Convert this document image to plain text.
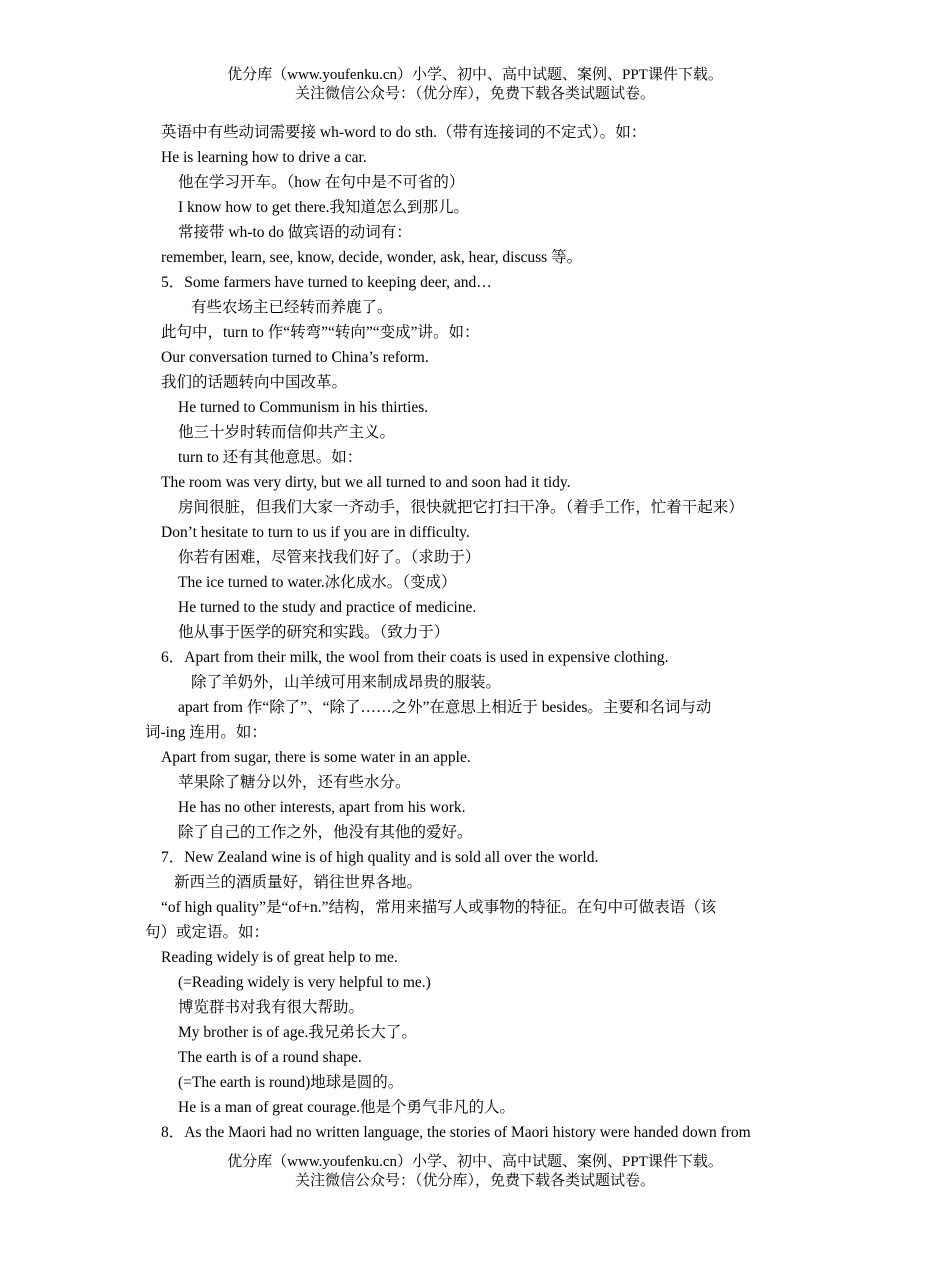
优分库（www.youfenku.cn）小学、初中、高中试题、案例、PPT课件下载。
关注微信公众号：（优分库），免费下载各类试题试卷。
英语中有些动词需要接 wh-word to do sth.（带有连接词的不定式）。如：
He is learning how to drive a car.
他在学习开车。（how 在句中是不可省的）
I know how to get there.我知道怎么到那儿。
常接带 wh-to do 做宾语的动词有：
remember, learn, see, know, decide, wonder, ask, hear, discuss 等。
5．Some farmers have turned to keeping deer, and…
有些农场主已经转而养鹿了。
此句中，turn to 作“转弯”“转向”“变成”讲。如：
Our conversation turned to China’s reform.
我们的话题转向中国改革。
He turned to Communism in his thirties.
他三十岁时转而信仰共产主义。
turn to 还有其他意思。如：
The room was very dirty, but we all turned to and soon had it tidy.
房间很脏，但我们大家一齐动手，很快就把它打扫干净。（着手工作，忙着干起来）
Don’t hesitate to turn to us if you are in difficulty.
你若有困难，尽管来找我们好了。（求助于）
The ice turned to water.冰化成水。（变成）
He turned to the study and practice of medicine.
他从事于医学的研究和实践。（致力于）
6．Apart from their milk, the wool from their coats is used in expensive clothing.
除了羊奶外，山羊绒可用来制成昂贵的服装。
apart from 作“除了”、“除了……之外”在意思上相近于 besides。主要和名词与动
词-ing 连用。如：
Apart from sugar, there is some water in an apple.
苹果除了糖分以外，还有些水分。
He has no other interests, apart from his work.
除了自己的工作之外，他没有其他的爱好。
7．New Zealand wine is of high quality and is sold all over the world.
新西兰的酒质量好，销往世界各地。
“of high quality”是“of+n.”结构，常用来描写人或事物的特征。在句中可做表语（该
句）或定语。如：
Reading widely is of great help to me.
(=Reading widely is very helpful to me.)
博览群书对我有很大帮助。
My brother is of age.我兄弟长大了。
The earth is of a round shape.
(=The earth is round)地球是圆的。
He is a man of great courage.他是个勇气非凡的人。
8．As the Maori had no written language, the stories of Maori history were handed down from
优分库（www.youfenku.cn）小学、初中、高中试题、案例、PPT课件下载。
关注微信公众号：（优分库），免费下载各类试题试卷。
